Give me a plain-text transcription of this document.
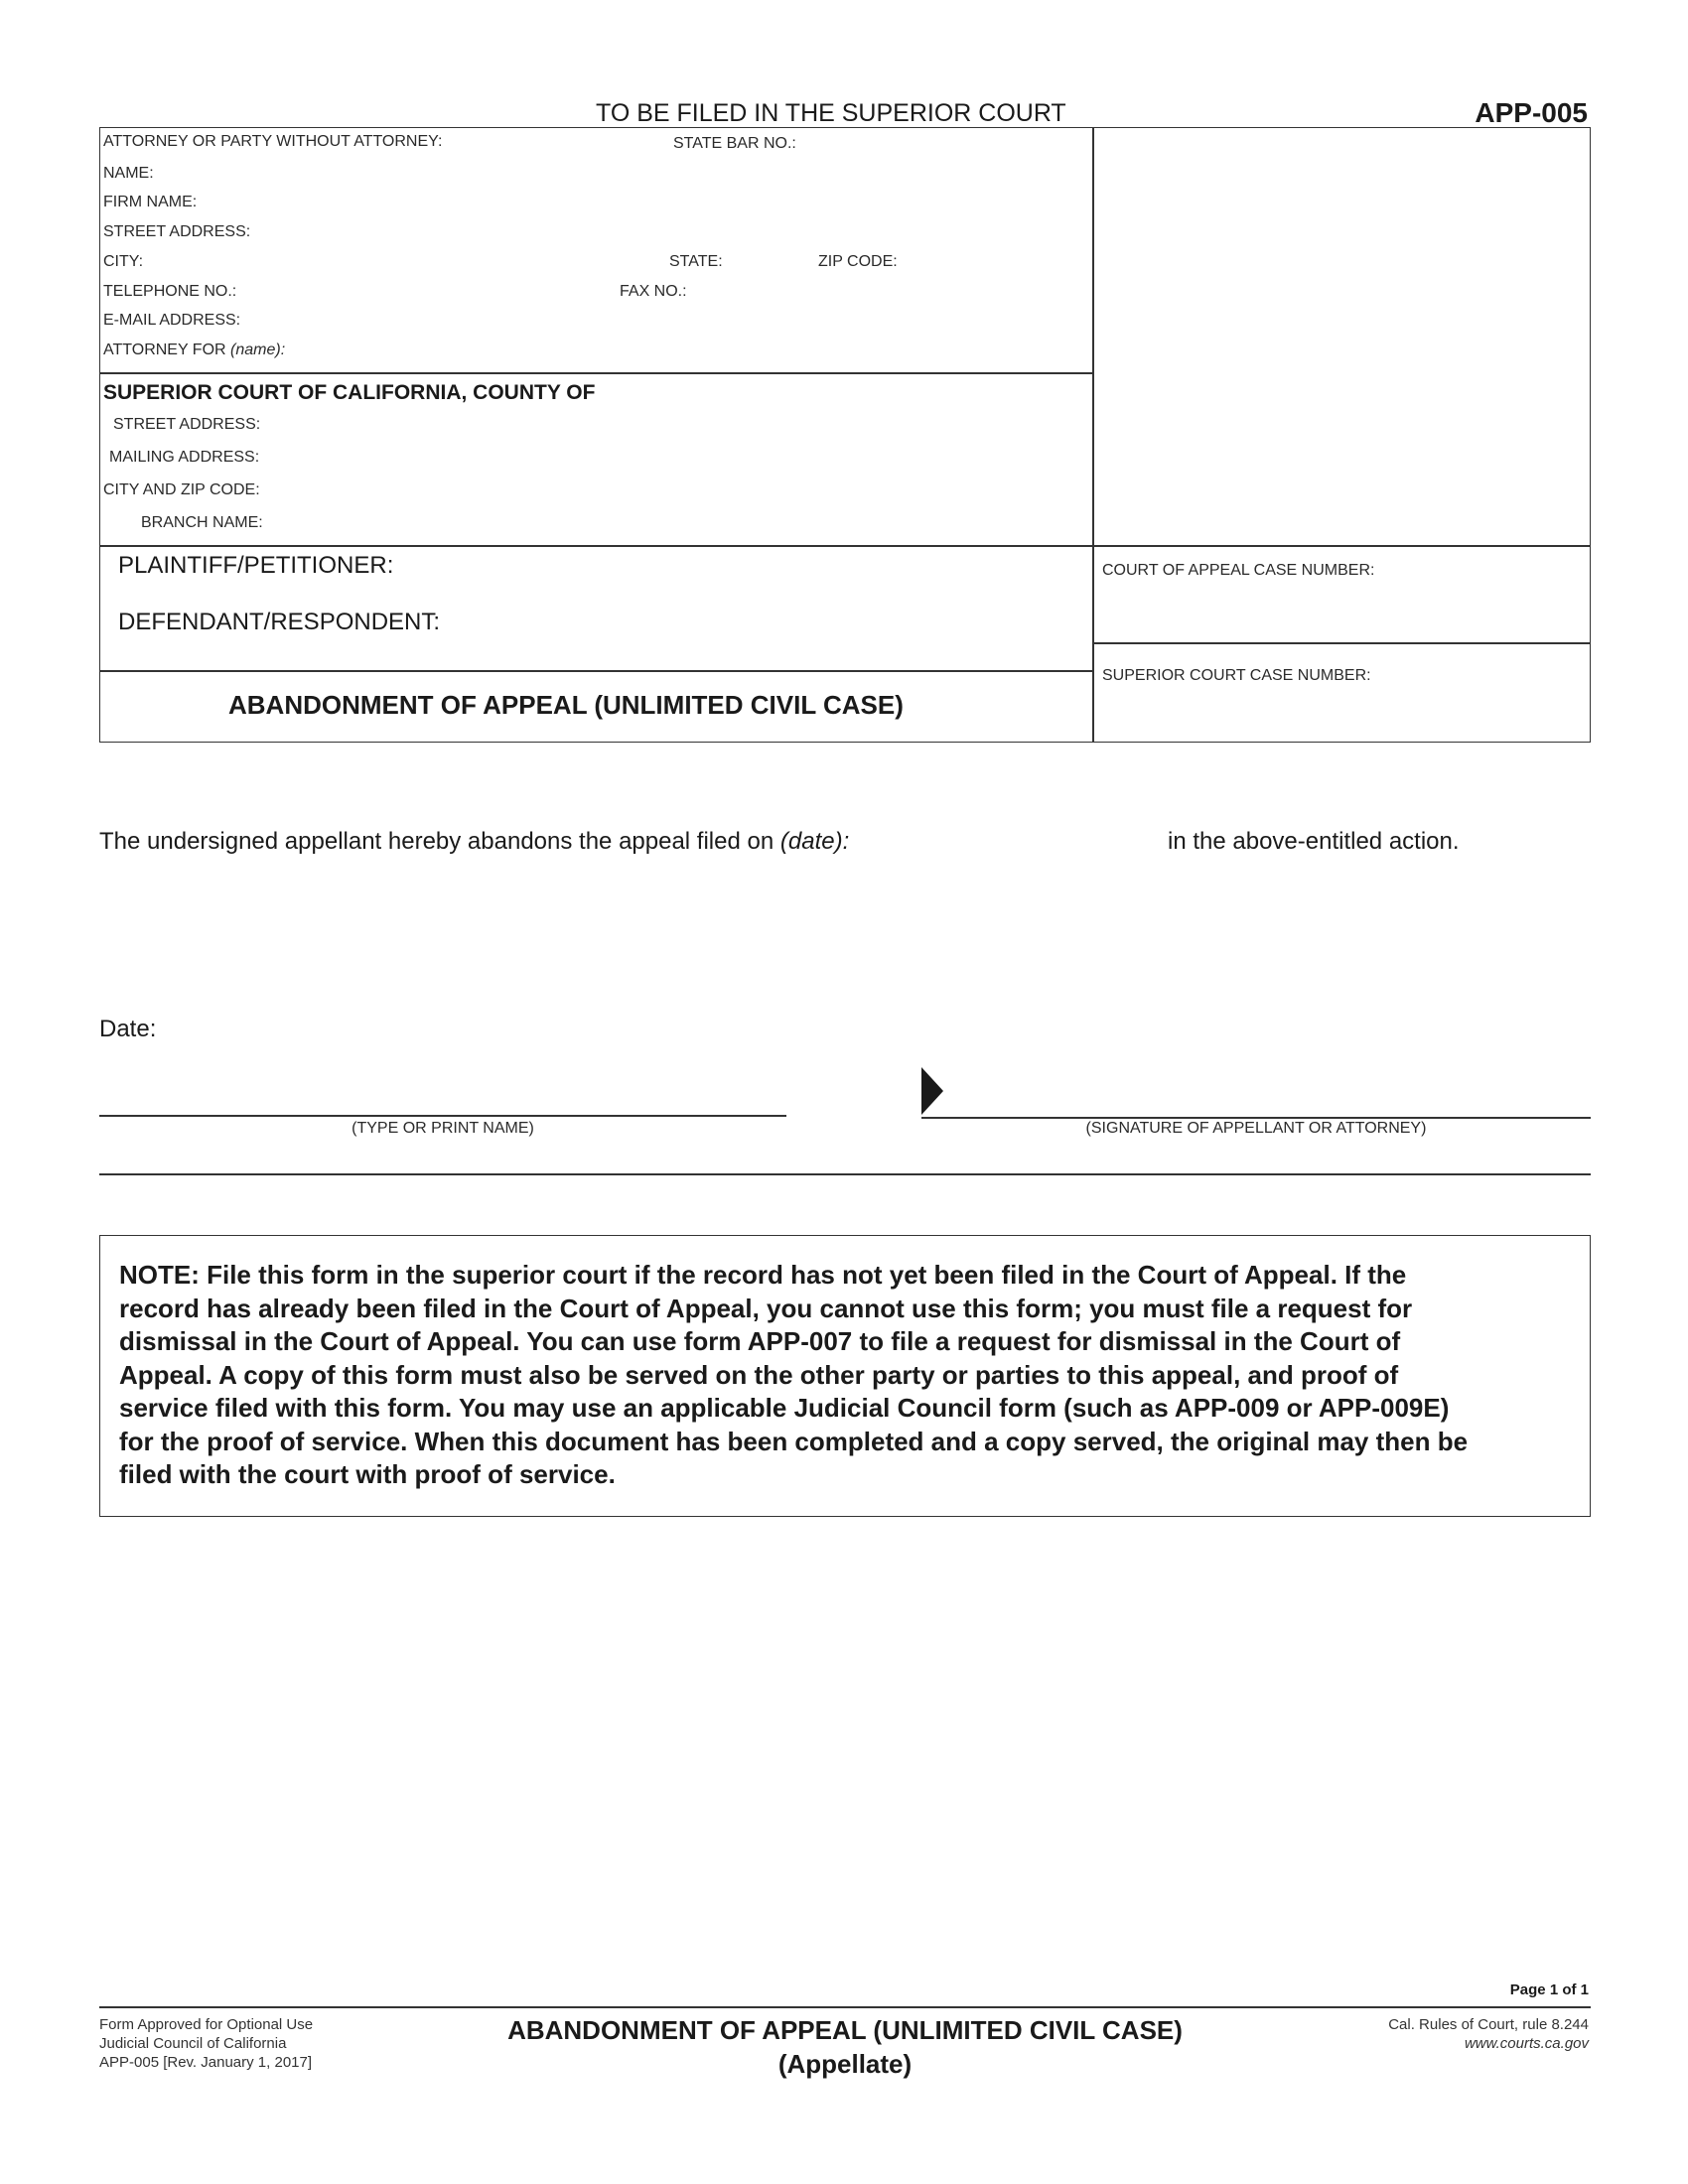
TO BE FILED IN THE SUPERIOR COURT	APP-005
ATTORNEY OR PARTY WITHOUT ATTORNEY:	STATE BAR NO.:
NAME:
FIRM NAME:
STREET ADDRESS:
CITY:	STATE:	ZIP CODE:
TELEPHONE NO.:	FAX NO.:
E-MAIL ADDRESS:
ATTORNEY FOR (name):
SUPERIOR COURT OF CALIFORNIA, COUNTY OF
STREET ADDRESS:
MAILING ADDRESS:
CITY AND ZIP CODE:
BRANCH NAME:
PLAINTIFF/PETITIONER:
DEFENDANT/RESPONDENT:
COURT OF APPEAL CASE NUMBER:
SUPERIOR COURT CASE NUMBER:
ABANDONMENT OF APPEAL (UNLIMITED CIVIL CASE)
The undersigned appellant hereby abandons the appeal filed on (date):	in the above-entitled action.
Date:
(TYPE OR PRINT NAME)	(SIGNATURE OF APPELLANT OR ATTORNEY)
NOTE: File this form in the superior court if the record has not yet been filed in the Court of Appeal. If the
record has already been filed in the Court of Appeal, you cannot use this form; you must file a request for
dismissal in the Court of Appeal. You can use form APP-007 to file a request for dismissal in the Court of
Appeal. A copy of this form must also be served on the other party or parties to this appeal, and proof of
service filed with this form. You may use an applicable Judicial Council form (such as APP-009 or APP-009E)
for the proof of service. When this document has been completed and a copy served, the original may then be
filed with the court with proof of service.
Page 1 of 1
Form Approved for Optional Use
Judicial Council of California
APP-005 [Rev. January 1, 2017]
ABANDONMENT OF APPEAL (UNLIMITED CIVIL CASE)
(Appellate)
Cal. Rules of Court, rule 8.244
www.courts.ca.gov
